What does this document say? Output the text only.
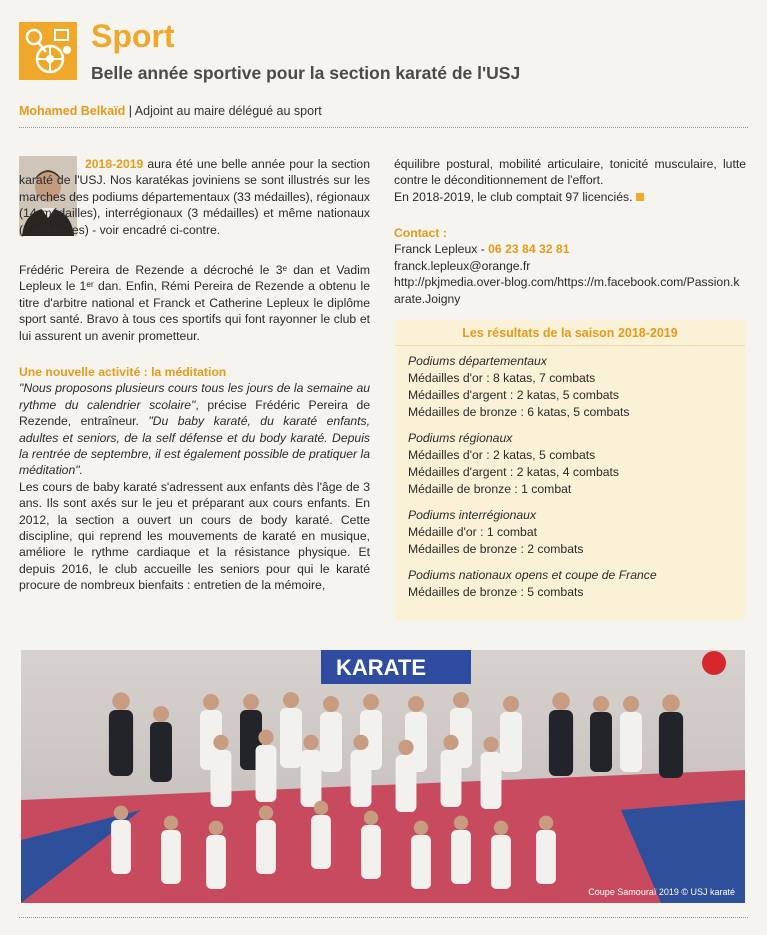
Sport
Belle année sportive pour la section karaté de l'USJ
Mohamed Belkaïd | Adjoint au maire délégué au sport

2018-2019 aura été une belle année pour la section karaté de l'USJ. Nos karatékas joviniens se sont illustrés sur les marches des podiums départementaux (33 médailles), régionaux (14 médailles), interrégionaux (3 médailles) et même nationaux (5 médailles) - voir encadré ci-contre.

Frédéric Pereira de Rezende a décroché le 3ᵉ dan et Vadim Lepleux le 1ᵉʳ dan. Enfin, Rémi Pereira de Rezende a obtenu le titre d'arbitre national et Franck et Catherine Lepleux le diplôme sport santé. Bravo à tous ces sportifs qui font rayonner le club et lui assurent un avenir prometteur.

Une nouvelle activité : la méditation

"Nous proposons plusieurs cours tous les jours de la semaine au rythme du calendrier scolaire", précise Frédéric Pereira de Rezende, entraîneur. "Du baby karaté, du karaté enfants, adultes et seniors, de la self défense et du body karaté. Depuis la rentrée de septembre, il est également possible de pratiquer la méditation".

Les cours de baby karaté s'adressent aux enfants dès l'âge de 3 ans. Ils sont axés sur le jeu et préparant aux cours enfants. En 2012, la section a ouvert un cours de body karaté. Cette discipline, qui reprend les mouvements de karaté en musique, améliore le rythme cardiaque et la résistance physique. Et depuis 2016, le club accueille les seniors pour qui le karaté procure de nombreux bienfaits : entretien de la mémoire,

équilibre postural, mobilité articulaire, tonicité musculaire, lutte contre le déconditionnement de l'effort.

En 2018-2019, le club comptait 97 licenciés.

Contact :

Franck Lepleux - 06 23 84 32 81

franck.lepleux@orange.fr

http://pkjmedia.over-blog.com/https://m.facebook.com/Passion.karate.Joigny

Les résultats de la saison 2018-2019
Podiums départementaux
Médailles d'or : 8 katas, 7 combats
Médailles d'argent : 2 katas, 5 combats
Médailles de bronze : 6 katas, 5 combats
Podiums régionaux
Médailles d'or : 2 katas, 5 combats
Médailles d'argent : 2 katas, 4 combats
Médaille de bronze : 1 combat
Podiums interrégionaux
Médaille d'or : 1 combat
Médailles de bronze : 2 combats
Podiums nationaux opens et coupe de France
Médailles de bronze : 5 combats
KARATE
Coupe Samouraï 2019 © USJ karaté
